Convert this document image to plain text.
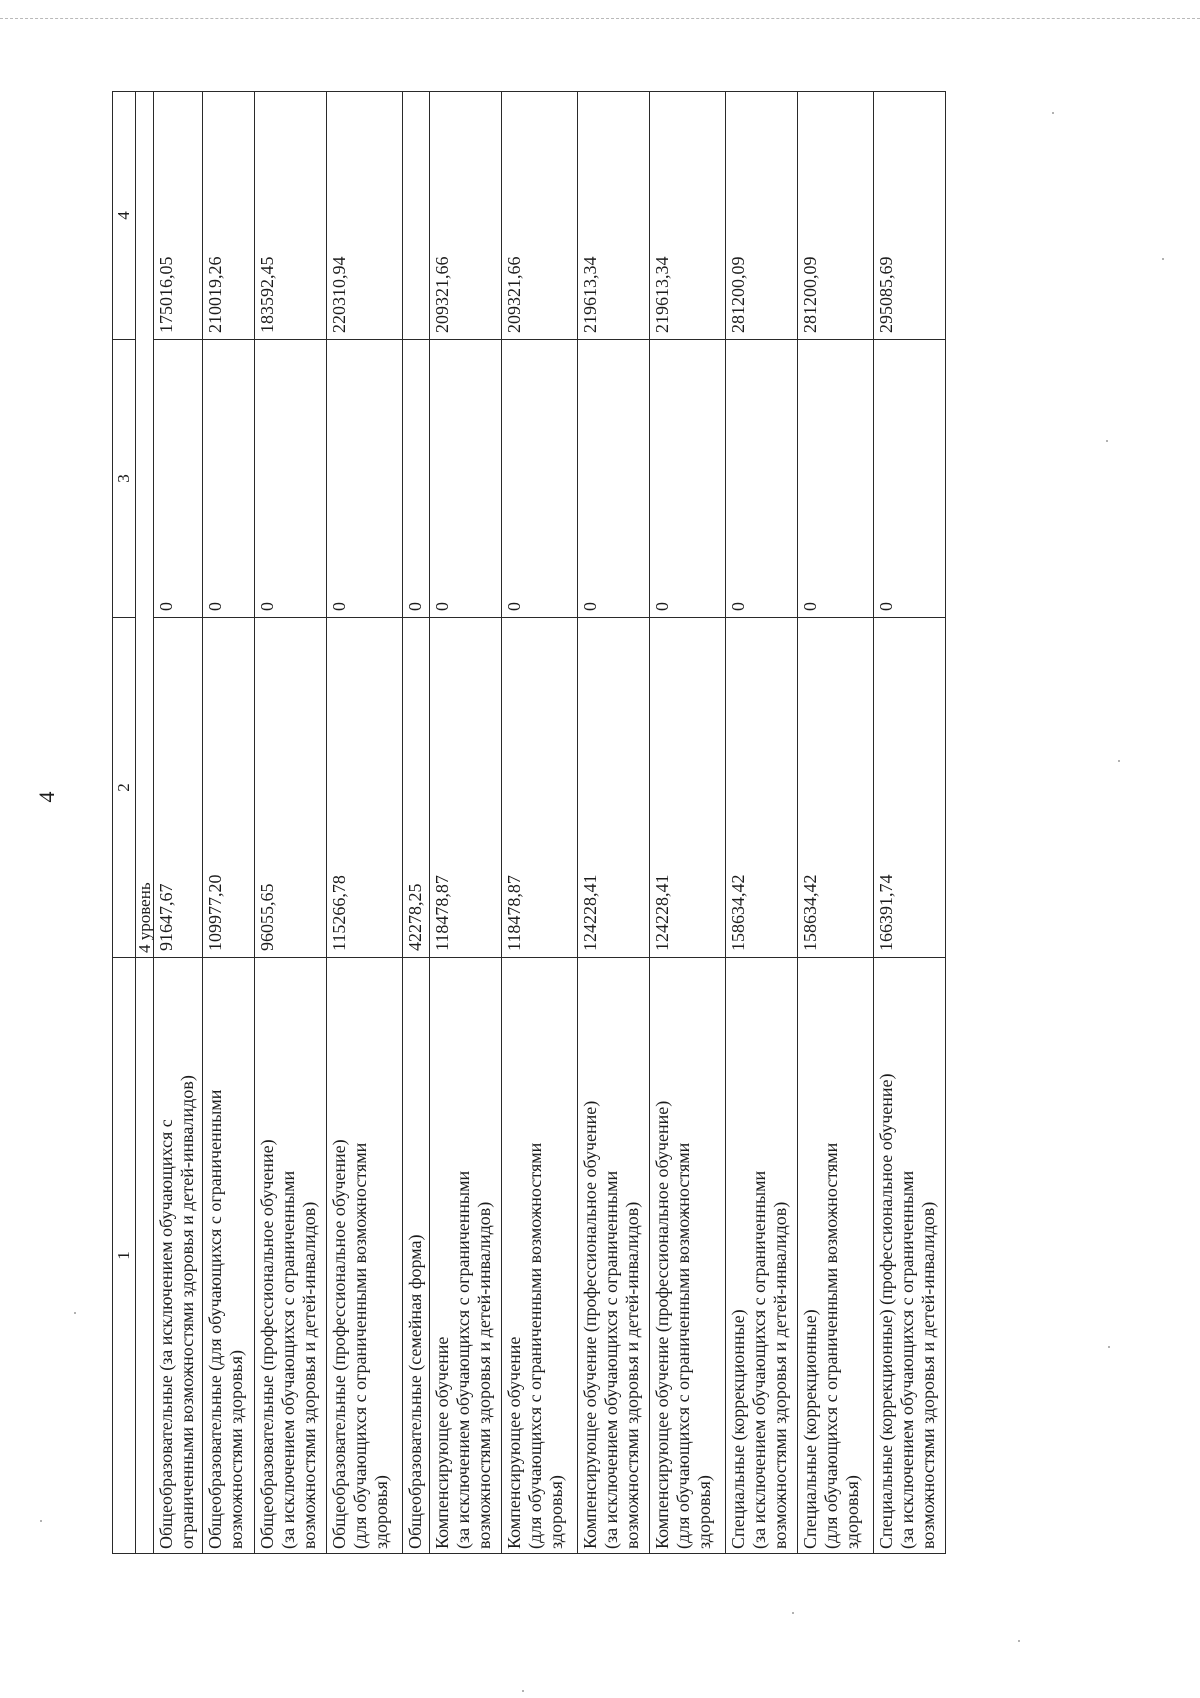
4
1	2	3	4
	4 уровень		

Общеобразовательные (за исключением обучающихся с ограниченными возможностями здоровья и детей-инвалидов)	91647,67	0	175016,05

Общеобразовательные (для обучающихся с ограниченными возможностями здоровья)	109977,20	0	210019,26

Общеобразовательные (профессиональное обучение) (за исключением обучающихся с ограниченными возможностями здоровья и детей-инвалидов)	96055,65	0	183592,45

Общеобразовательные (профессиональное обучение) (для обучающихся с ограниченными возможностями здоровья)	115266,78	0	220310,94

Общеобразовательные (семейная форма)	42278,25	0	

Компенсирующее обучение (за исключением обучающихся с ограниченными возможностями здоровья и детей-инвалидов)	118478,87	0	209321,66

Компенсирующее обучение (для обучающихся с ограниченными возможностями здоровья)	118478,87	0	209321,66

Компенсирующее обучение (профессиональное обучение) (за исключением обучающихся с ограниченными возможностями здоровья и детей-инвалидов)	124228,41	0	219613,34

Компенсирующее обучение (профессиональное обучение) (для обучающихся с ограниченными возможностями здоровья)	124228,41	0	219613,34

Специальные (коррекционные) (за исключением обучающихся с ограниченными возможностями здоровья и детей-инвалидов)	158634,42	0	281200,09

Специальные (коррекционные) (для обучающихся с ограниченными возможностями здоровья)	158634,42	0	281200,09

Специальные (коррекционные) (профессиональное обучение) (за исключением обучающихся с ограниченными возможностями здоровья и детей-инвалидов)	166391,74	0	295085,69
